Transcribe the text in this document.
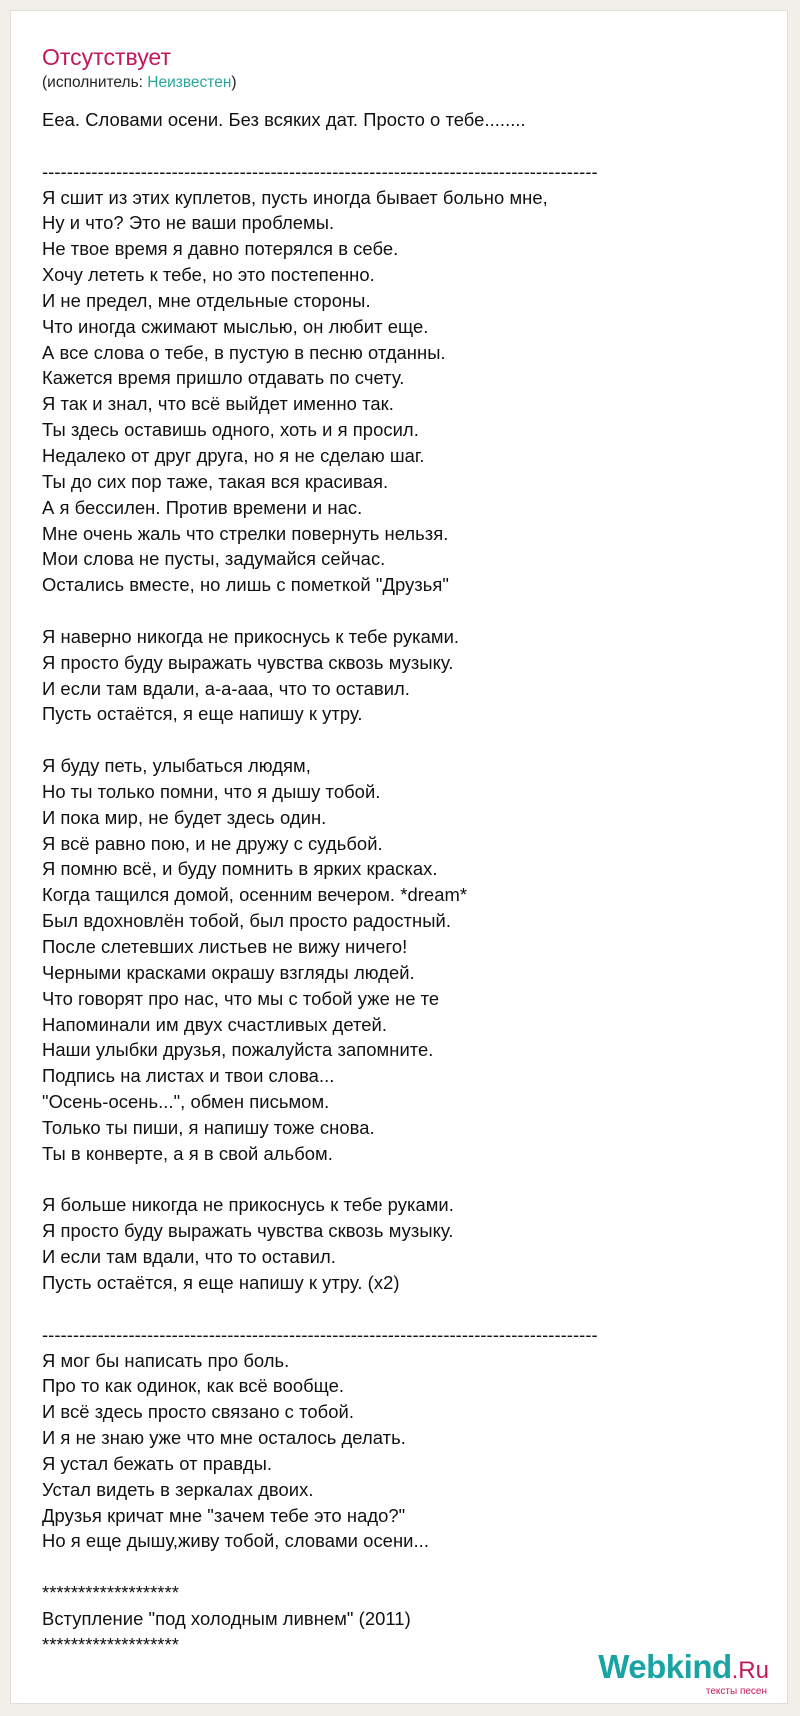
Отсутствует
(исполнитель: Неизвестен)
Ееа. Словами осени. Без всяких дат. Просто о тебе........

------------------------------------------------------------------------------------------
Я сшит из этих куплетов, пусть иногда бывает больно мне,
Ну и что? Это не ваши проблемы.
Не твое время я давно потерялся в себе.
Хочу лететь к тебе, но это постепенно.
И не предел, мне отдельные стороны.
Что иногда сжимают мыслью, он любит еще.
А все слова о тебе, в пустую в песню отданны.
Кажется время пришло отдавать по счету.
Я так и знал, что всё выйдет именно так.
Ты здесь оставишь одного, хоть и я просил.
Недалеко от друг друга, но я не сделаю шаг.
Ты до сих пор таже, такая вся красивая.
А я бессилен. Против времени и нас.
Мне очень жаль что стрелки повернуть нельзя.
Мои слова не пусты, задумайся сейчас.
Остались вместе, но лишь с пометкой "Друзья"

Я наверно никогда не прикоснусь к тебе руками.
Я просто буду выражать чувства сквозь музыку.
И если там вдали, а-а-ааа, что то оставил.
Пусть остаётся, я еще напишу к утру.

Я буду петь, улыбаться людям,
Но ты только помни, что я дышу тобой.
И пока мир, не будет здесь один.
Я всё равно пою, и не дружу с судьбой.
Я помню всё, и буду помнить в ярких красках.
Когда тащился домой, осенним вечером. *dream*
Был вдохновлён тобой, был просто радостный.
После слетевших листьев не вижу ничего!
Черными красками окрашу взгляды людей.
Что говорят про нас, что мы с тобой уже не те
Напоминали им двух счастливых детей.
Наши улыбки друзья, пожалуйста запомните.
Подпись на листах и твои слова...
"Осень-осень...", обмен письмом.
Только ты пиши, я напишу тоже снова.
Ты в конверте, а я в свой альбом.

Я больше никогда не прикоснусь к тебе руками.
Я просто буду выражать чувства сквозь музыку.
И если там вдали, что то оставил.
Пусть остаётся, я еще напишу к утру. (x2)

------------------------------------------------------------------------------------------
Я мог бы написать про боль.
Про то как одинок, как всё вообще.
И всё здесь просто связано с тобой.
И я не знаю уже что мне осталось делать.
Я устал бежать от правды.
Устал видеть в зеркалах двоих.
Друзья кричат мне "зачем тебе это надо?"
Но я еще дышу,живу тобой, словами осени...

*******************
Вступление "под холодным ливнем" (2011)
*******************
Webkind.Ru
тексты песен
